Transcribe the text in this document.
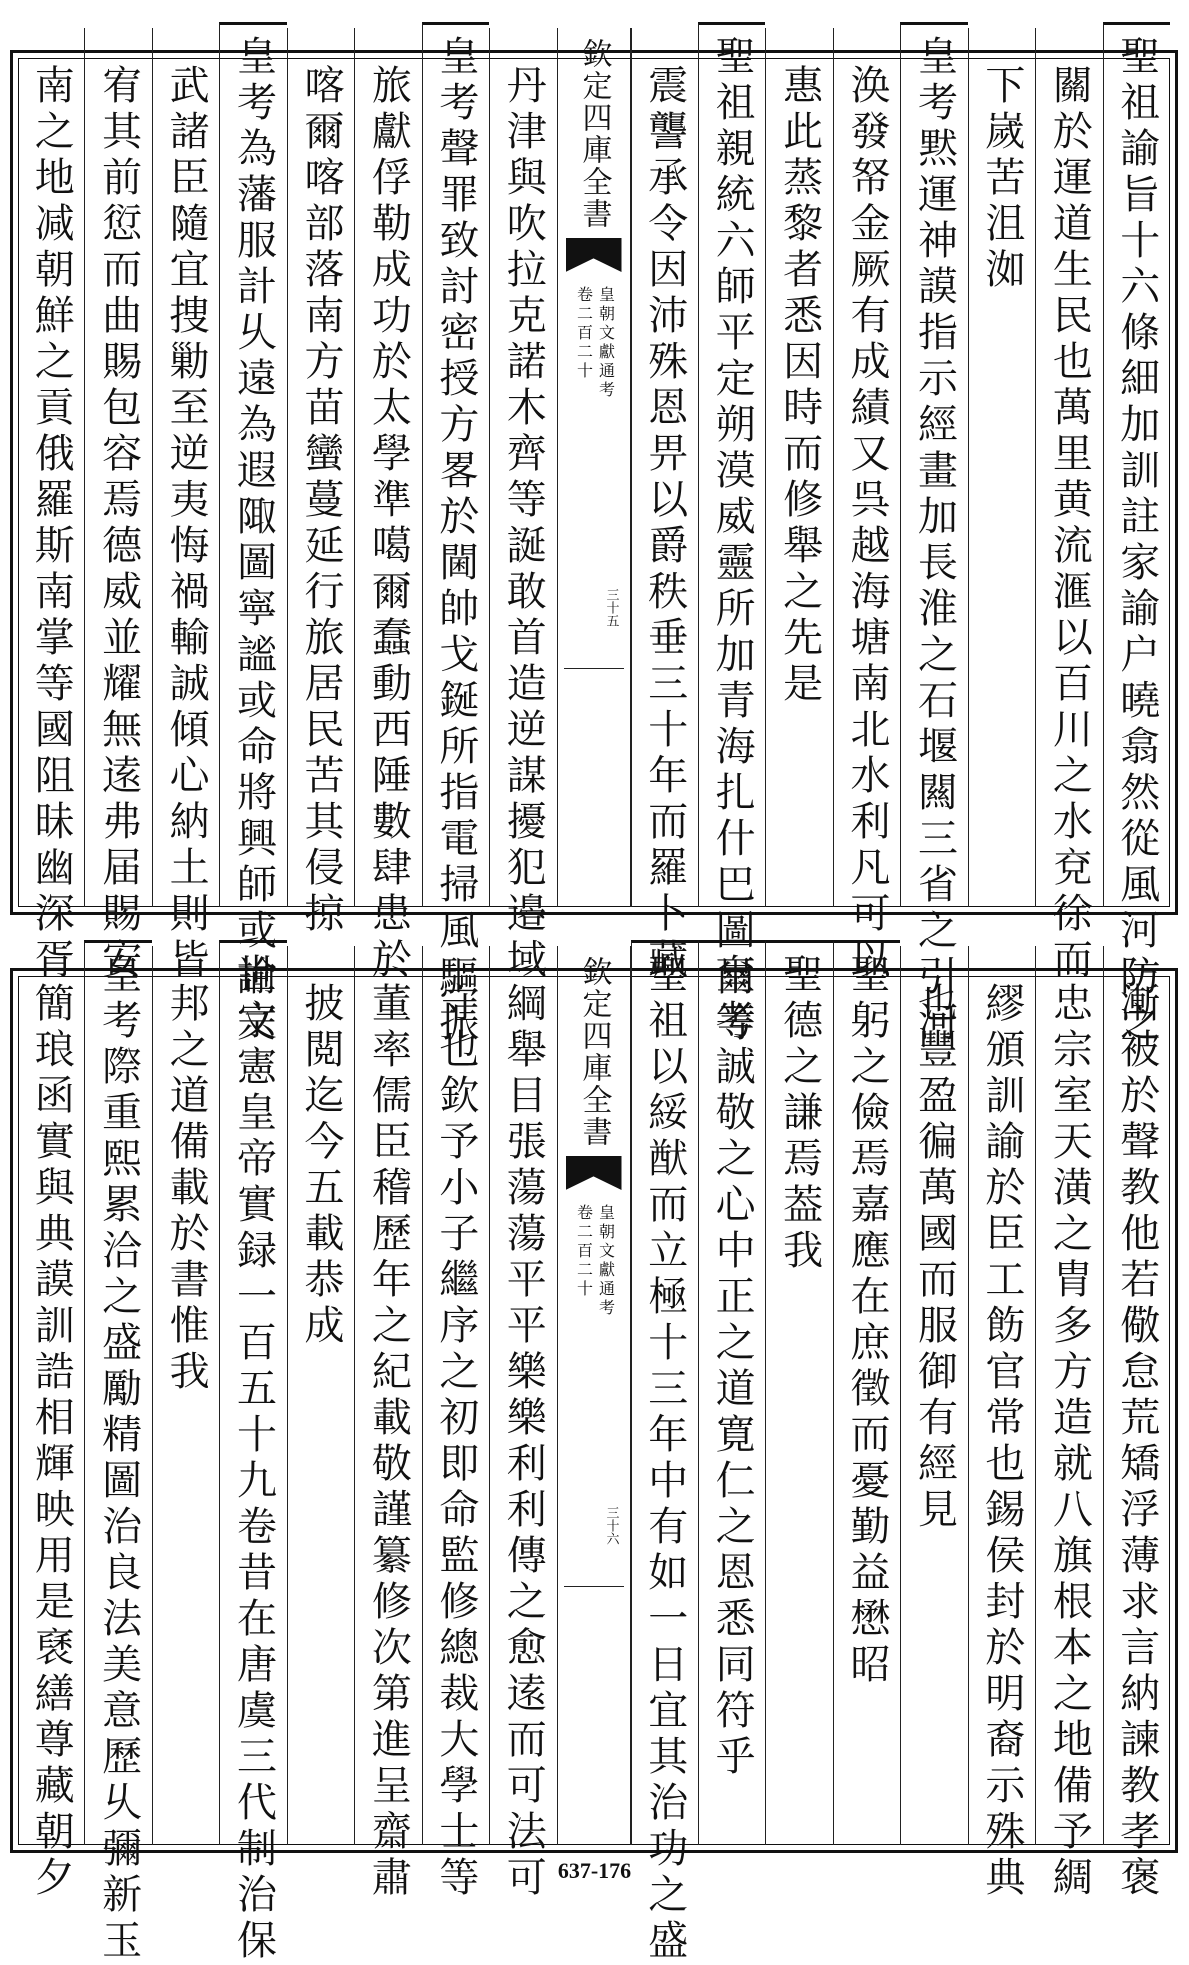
聖祖諭旨十六條細加訓註家諭户曉翕然從風河防之
關於運道生民也萬里黄流滙以百川之水兗徐而
下嵗苦沮洳
皇考黙運神謨指示經畫加長淮之石堰闗三省之引河
涣發帑金厥有成績又呉越海塘南北水利凡可以
惠此蒸黎者悉因時而修舉之先是
聖祖親統六師平定朔漠威靈所加青海扎什巴圖爾等
震讋承令因沛殊恩畀以爵秩垂三十年而羅卜藏
欽定四庫全書
皇朝文獻通考
卷二百二十
三十五
丹津與吹拉克諾木齊等誕敢首造逆謀擾犯邉域
皇考聲罪致討密授方畧於閫帥戈鋋所指電掃風驅振
旅獻俘勒成功於太學準噶爾蠢動西陲數肆患於
喀爾喀部落南方苗蠻蔓延行旅居民苦其侵掠
皇考為藩服計乆遠為遐陬圖寧謐或命將興師或諭文
武諸臣隨宜捜勦至逆夷悔禍輸誠傾心納土則皆
宥其前愆而曲賜包容焉德威並耀無逺弗届賜安
南之地减朝鮮之貢俄羅斯南掌等國阻昧幽深胥
漸被於聲教他若儆怠荒矯浮薄求言納諫教孝褒
忠宗室天潢之胄多方造就八旗根本之地備予綢
繆頒訓諭於臣工飭官常也錫侯封於明裔示殊典
也豐盈徧萬國而服御有經見
聖躬之儉焉嘉應在庶徵而憂勤益懋昭
聖德之謙焉葢我
皇考誠敬之心中正之道寛仁之恩悉同符乎
聖祖以綏猷而立極十三年中有如一日宜其治功之盛
欽定四庫全書
皇朝文獻通考
卷二百二十
三十六
綱舉目張蕩蕩平平樂樂利利傳之愈逺而可法可
守也欽予小子繼序之初即命監修總裁大學士等
董率儒臣稽歷年之紀載敬謹纂修次第進呈齋肅
披閲迄今五載恭成
世宗憲皇帝實録一百五十九卷昔在唐虞三代制治保
邦之道備載於書惟我
皇考際重熙累洽之盛勵精圖治良法美意歷乆彌新玉
簡琅函實與典謨訓誥相輝映用是褎繕尊藏朝夕	637-176
